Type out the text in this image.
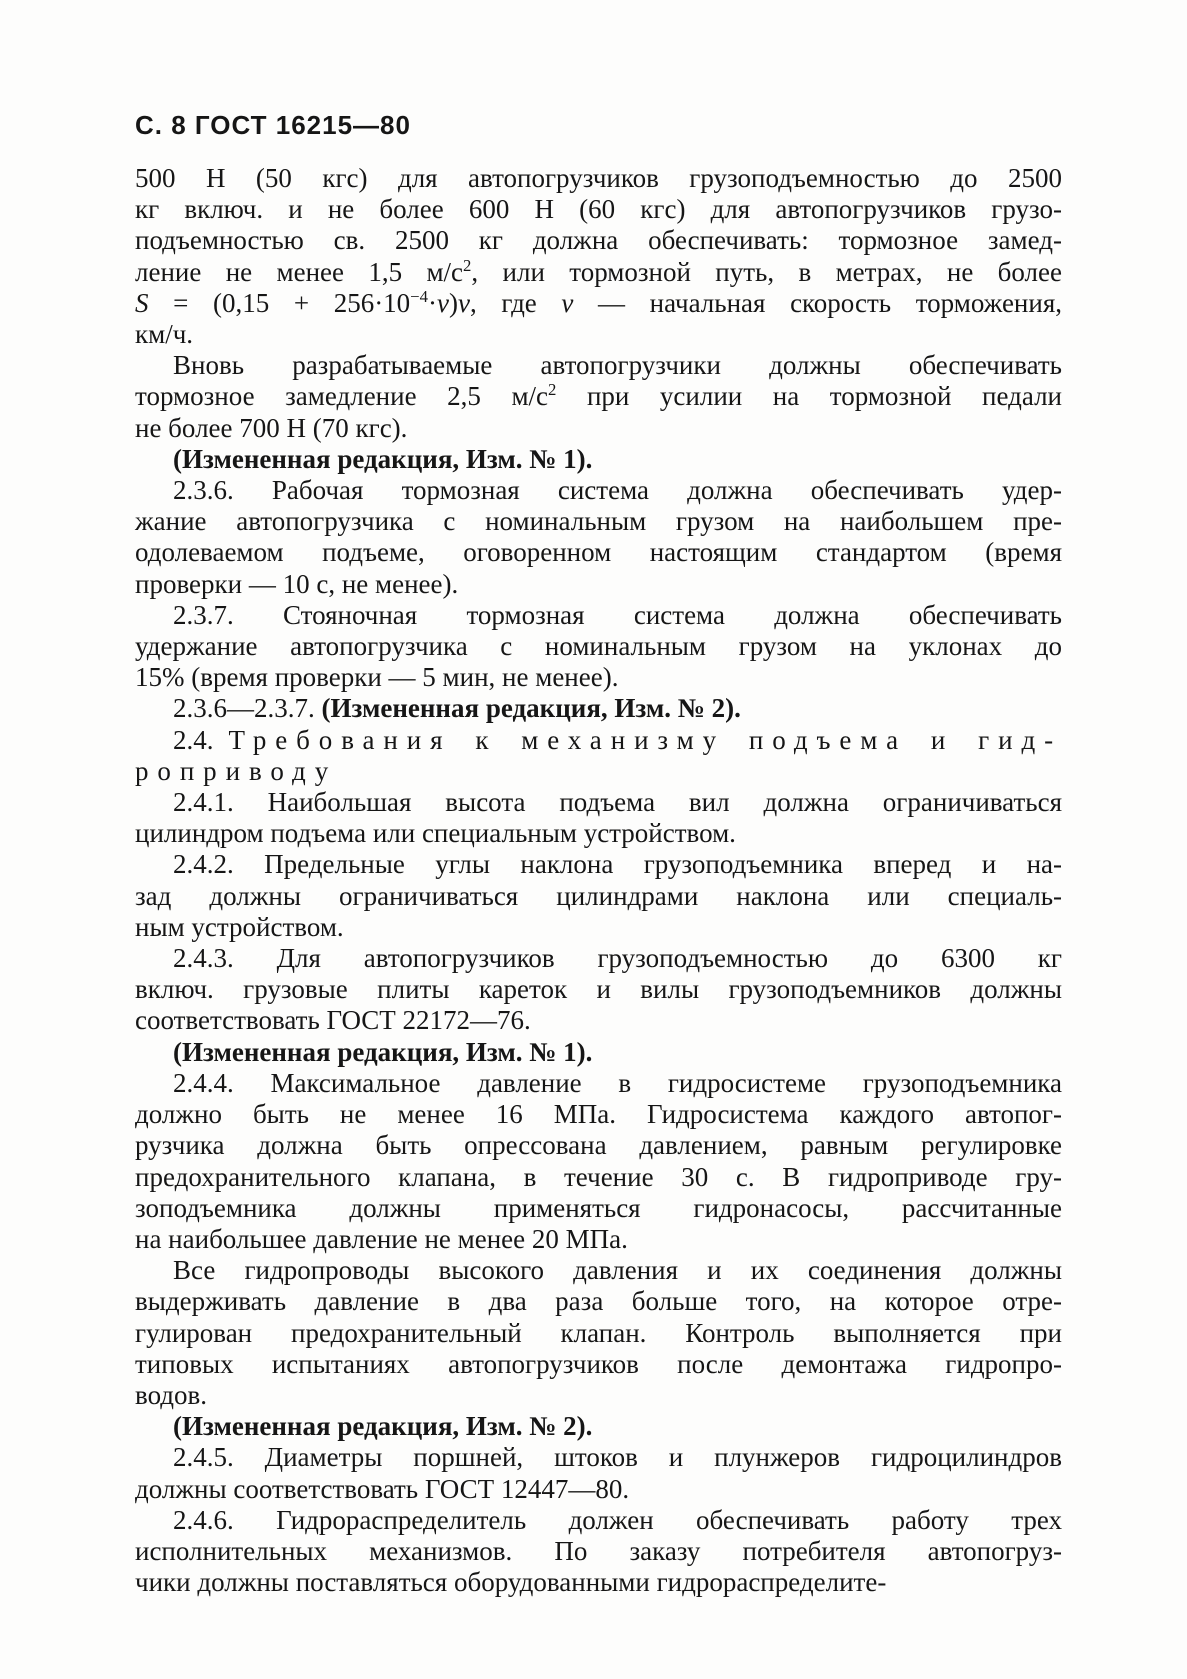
С. 8 ГОСТ 16215—80

500 Н (50 кгс) для автопогрузчиков грузоподъемностью до 2500
кг включ. и не более 600 Н (60 кгс) для автопогрузчиков грузо-
подъемностью св. 2500 кг должна обеспечивать: тормозное замед-
ление не менее 1,5 $м/с^2$, или тормозной путь, в метрах, не более
$S = (0,15 + 256\cdot 10^{-4}\cdot v)v$, где v — начальная скорость торможения,
км/ч.

Вновь разрабатываемые автопогрузчики должны обеспечивать
тормозное замедление 2,5 $м/с^2$ при усилии на тормозной педали
не более 700 Н (70 кгс).

(Измененная редакция, Изм. № 1).

2.3.6. Рабочая тормозная система должна обеспечивать удер-
жание автопогрузчика с номинальным грузом на наибольшем пре-
одолеваемом подъеме, оговоренном настоящим стандартом (время
проверки — 10 с, не менее).

2.3.7. Стояночная тормозная система должна обеспечивать
удержание автопогрузчика с номинальным грузом на уклонах до
15% (время проверки — 5 мин, не менее).

2.3.6—2.3.7. (Измененная редакция, Изм. № 2).

2.4. Требования к механизму подъема и гид-
роприводу

2.4.1. Наибольшая высота подъема вил должна ограничиваться
цилиндром подъема или специальным устройством.

2.4.2. Предельные углы наклона грузоподъемника вперед и на-
зад должны ограничиваться цилиндрами наклона или специаль-
ным устройством.

2.4.3. Для автопогрузчиков грузоподъемностью до 6300 кг
включ. грузовые плиты кареток и вилы грузоподъемников должны
соответствовать ГОСТ 22172—76.

(Измененная редакция, Изм. № 1).

2.4.4. Максимальное давление в гидросистеме грузоподъемника
должно быть не менее 16 МПа. Гидросистема каждого автопог-
рузчика должна быть опрессована давлением, равным регулировке
предохранительного клапана, в течение 30 с. В гидроприводе гру-
зоподъемника должны применяться гидронасосы, рассчитанные
на наибольшее давление не менее 20 МПа.

Все гидропроводы высокого давления и их соединения должны
выдерживать давление в два раза больше того, на которое отре-
гулирован предохранительный клапан. Контроль выполняется при
типовых испытаниях автопогрузчиков после демонтажа гидропро-
водов.

(Измененная редакция, Изм. № 2).

2.4.5. Диаметры поршней, штоков и плунжеров гидроцилиндров
должны соответствовать ГОСТ 12447—80.

2.4.6. Гидрораспределитель должен обеспечивать работу трех
исполнительных механизмов. По заказу потребителя автопогруз-
чики должны поставляться оборудованными гидрораспределите-
